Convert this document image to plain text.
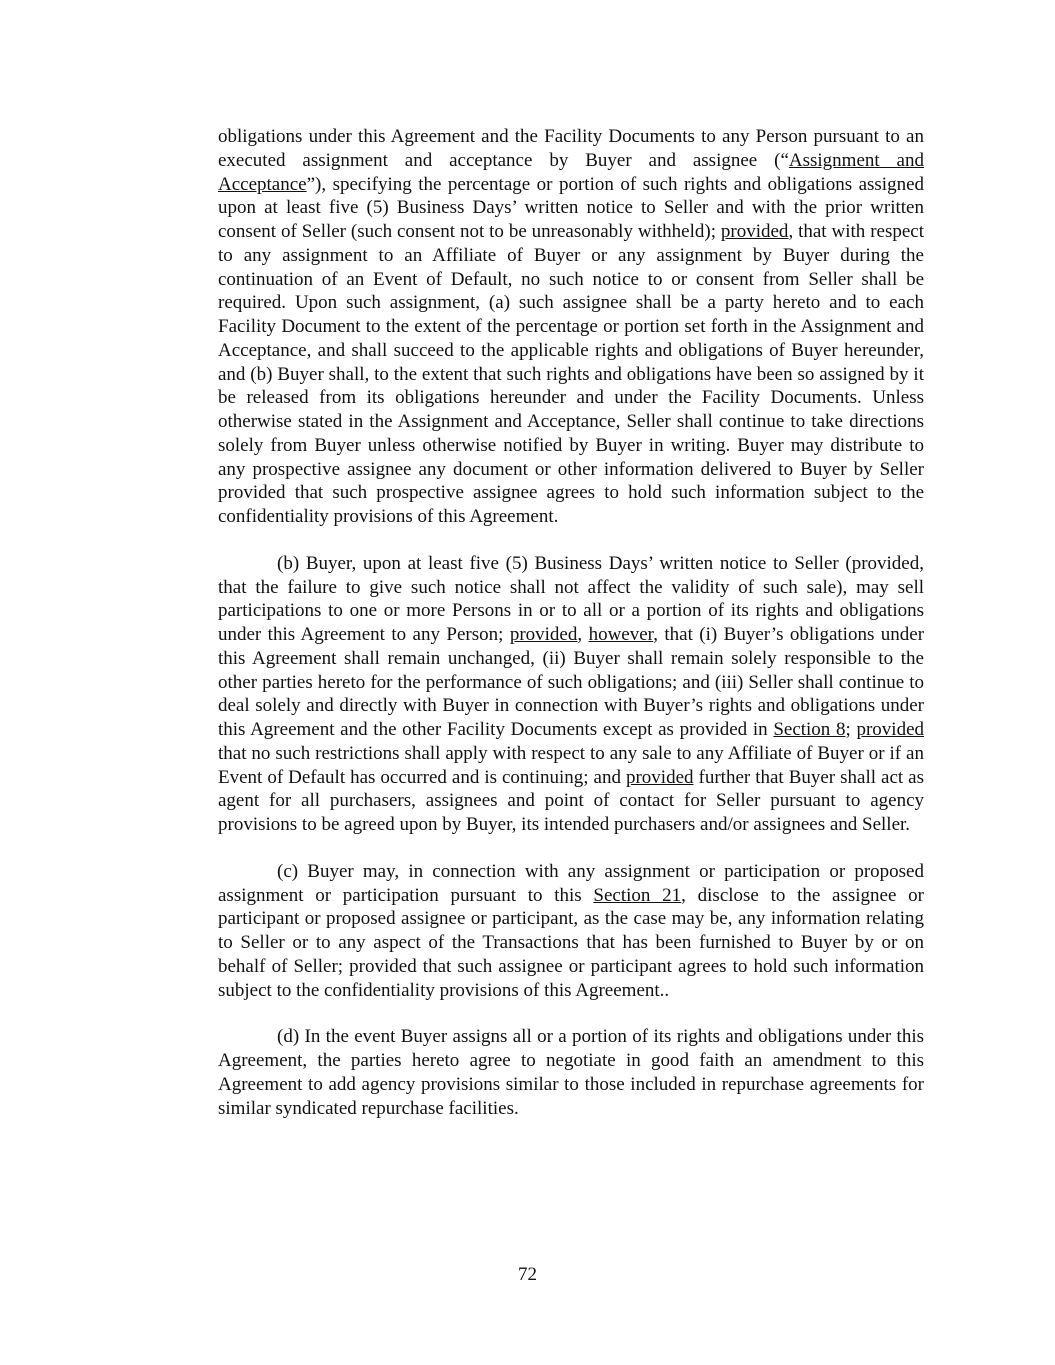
obligations under this Agreement and the Facility Documents to any Person pursuant to an executed assignment and acceptance by Buyer and assignee (“Assignment and Acceptance”), specifying the percentage or portion of such rights and obligations assigned upon at least five (5) Business Days’ written notice to Seller and with the prior written consent of Seller (such consent not to be unreasonably withheld); provided, that with respect to any assignment to an Affiliate of Buyer or any assignment by Buyer during the continuation of an Event of Default, no such notice to or consent from Seller shall be required. Upon such assignment, (a) such assignee shall be a party hereto and to each Facility Document to the extent of the percentage or portion set forth in the Assignment and Acceptance, and shall succeed to the applicable rights and obligations of Buyer hereunder, and (b) Buyer shall, to the extent that such rights and obligations have been so assigned by it be released from its obligations hereunder and under the Facility Documents. Unless otherwise stated in the Assignment and Acceptance, Seller shall continue to take directions solely from Buyer unless otherwise notified by Buyer in writing. Buyer may distribute to any prospective assignee any document or other information delivered to Buyer by Seller provided that such prospective assignee agrees to hold such information subject to the confidentiality provisions of this Agreement.

(b) Buyer, upon at least five (5) Business Days’ written notice to Seller (provided, that the failure to give such notice shall not affect the validity of such sale), may sell participations to one or more Persons in or to all or a portion of its rights and obligations under this Agreement to any Person; provided, however, that (i) Buyer’s obligations under this Agreement shall remain unchanged, (ii) Buyer shall remain solely responsible to the other parties hereto for the performance of such obligations; and (iii) Seller shall continue to deal solely and directly with Buyer in connection with Buyer’s rights and obligations under this Agreement and the other Facility Documents except as provided in Section 8; provided that no such restrictions shall apply with respect to any sale to any Affiliate of Buyer or if an Event of Default has occurred and is continuing; and provided further that Buyer shall act as agent for all purchasers, assignees and point of contact for Seller pursuant to agency provisions to be agreed upon by Buyer, its intended purchasers and/or assignees and Seller.

(c) Buyer may, in connection with any assignment or participation or proposed assignment or participation pursuant to this Section 21, disclose to the assignee or participant or proposed assignee or participant, as the case may be, any information relating to Seller or to any aspect of the Transactions that has been furnished to Buyer by or on behalf of Seller; provided that such assignee or participant agrees to hold such information subject to the confidentiality provisions of this Agreement..

(d) In the event Buyer assigns all or a portion of its rights and obligations under this Agreement, the parties hereto agree to negotiate in good faith an amendment to this Agreement to add agency provisions similar to those included in repurchase agreements for similar syndicated repurchase facilities.

72
